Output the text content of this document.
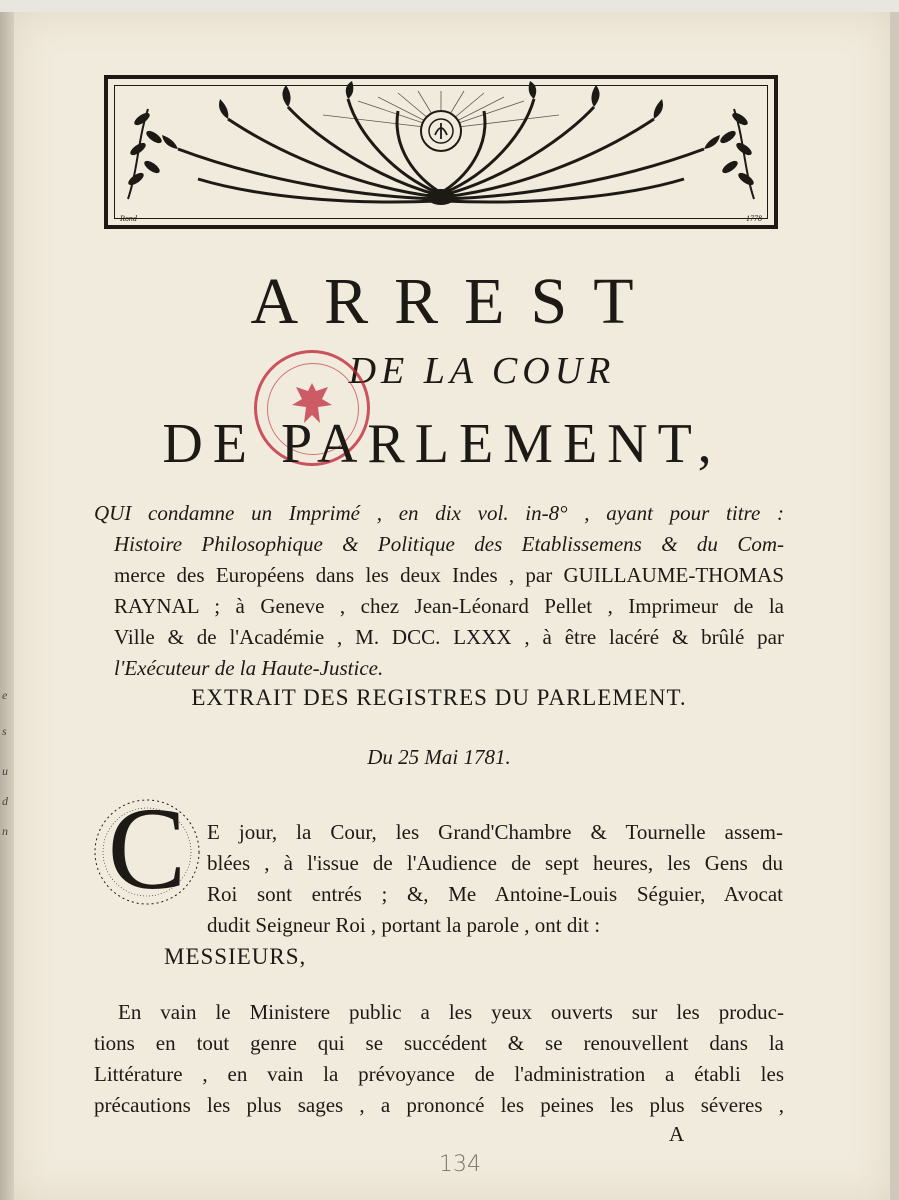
e
s
u
d
n
Rond	1778
ARREST
DE LA COUR
DE PARLEMENT,
QUI condamne un Imprimé , en dix vol. in-8° , ayant pour titre :
Histoire Philosophique & Politique des Etablissemens & du Com-
merce des Européens dans les deux Indes , par GUILLAUME-THOMAS
RAYNAL ; à Geneve , chez Jean-Léonard Pellet , Imprimeur de la
Ville & de l'Académie , M. DCC. LXXX , à être lacéré & brûlé par
l'Exécuteur de la Haute-Justice.
EXTRAIT DES REGISTRES DU PARLEMENT.
Du 25 Mai 1781.
C E jour, la Cour, les Grand'Chambre & Tournelle assem-
blées , à l'issue de l'Audience de sept heures, les Gens du
Roi sont entrés ; &, Me Antoine-Louis Séguier, Avocat
dudit Seigneur Roi , portant la parole , ont dit :
MESSIEURS,
En vain le Ministere public a les yeux ouverts sur les produc-
tions en tout genre qui se succédent & se renouvellent dans la
Littérature , en vain la prévoyance de l'administration a établi les
précautions les plus sages , a prononcé les peines les plus séveres ,
A
134
